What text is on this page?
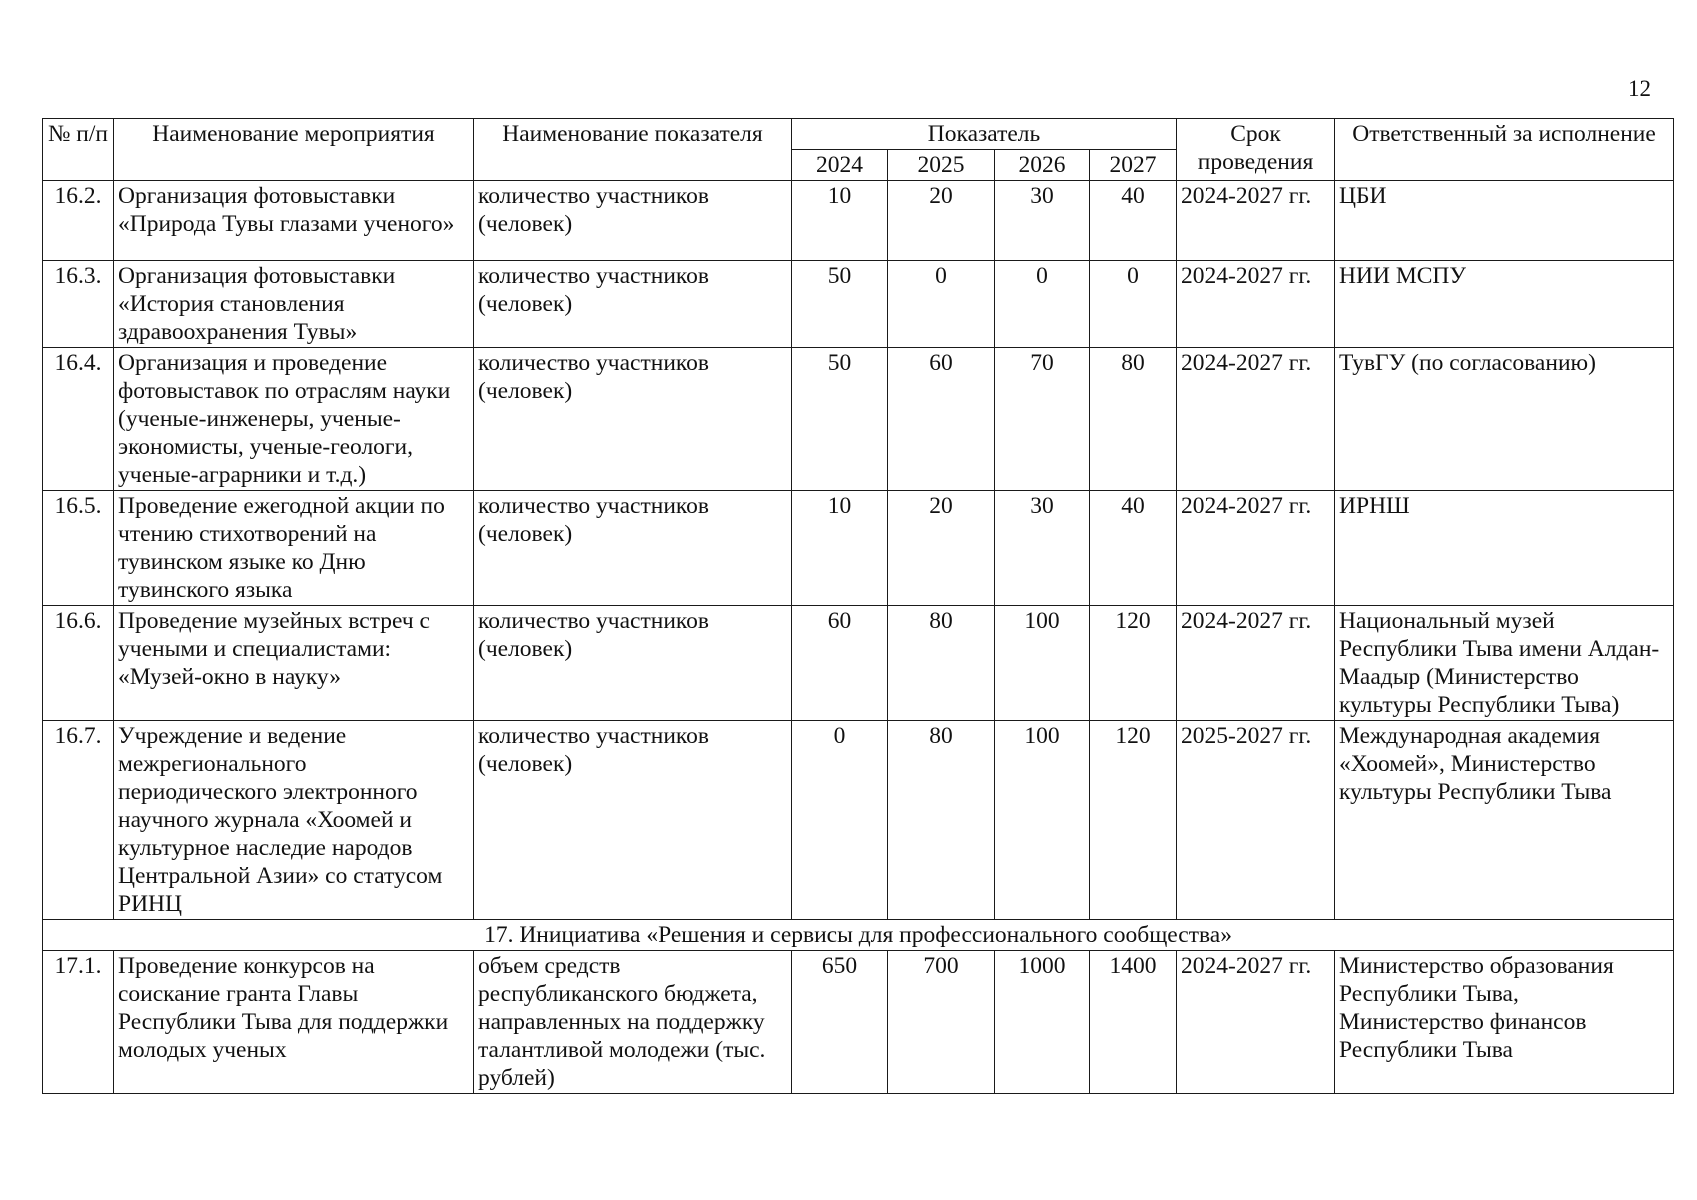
12
№ п/п	Наименование мероприятия	Наименование показателя	Показатель				Срок проведения	Ответственный за исполнение
			2024	2025	2026	2027		
16.2.	Организация фотовыставки «Природа Тувы глазами ученого»	количество участников (человек)	10	20	30	40	2024-2027 гг.	ЦБИ
16.3.	Организация фотовыставки «История становления здравоохранения Тувы»	количество участников (человек)	50	0	0	0	2024-2027 гг.	НИИ МСПУ
16.4.	Организация и проведение фотовыставок по отраслям науки (ученые-инженеры, ученые-экономисты, ученые-геологи, ученые-аграрники и т.д.)	количество участников (человек)	50	60	70	80	2024-2027 гг.	ТувГУ (по согласованию)
16.5.	Проведение ежегодной акции по чтению стихотворений на тувинском языке ко Дню тувинского языка	количество участников (человек)	10	20	30	40	2024-2027 гг.	ИРНШ
16.6.	Проведение музейных встреч с учеными и специалистами: «Музей-окно в науку»	количество участников (человек)	60	80	100	120	2024-2027 гг.	Национальный музей Республики Тыва имени Алдан-Маадыр (Министерство культуры Республики Тыва)
16.7.	Учреждение и ведение межрегионального периодического электронного научного журнала «Хоомей и культурное наследие народов Центральной Азии» со статусом РИНЦ	количество участников (человек)	0	80	100	120	2025-2027 гг.	Международная академия «Хоомей», Министерство культуры Республики Тыва
17. Инициатива «Решения и сервисы для профессионального сообщества»								
17.1.	Проведение конкурсов на соискание гранта Главы Республики Тыва для поддержки молодых ученых	объем средств республиканского бюджета, направленных на поддержку талантливой молодежи (тыс. рублей)	650	700	1000	1400	2024-2027 гг.	Министерство образования Республики Тыва, Министерство финансов Республики Тыва
